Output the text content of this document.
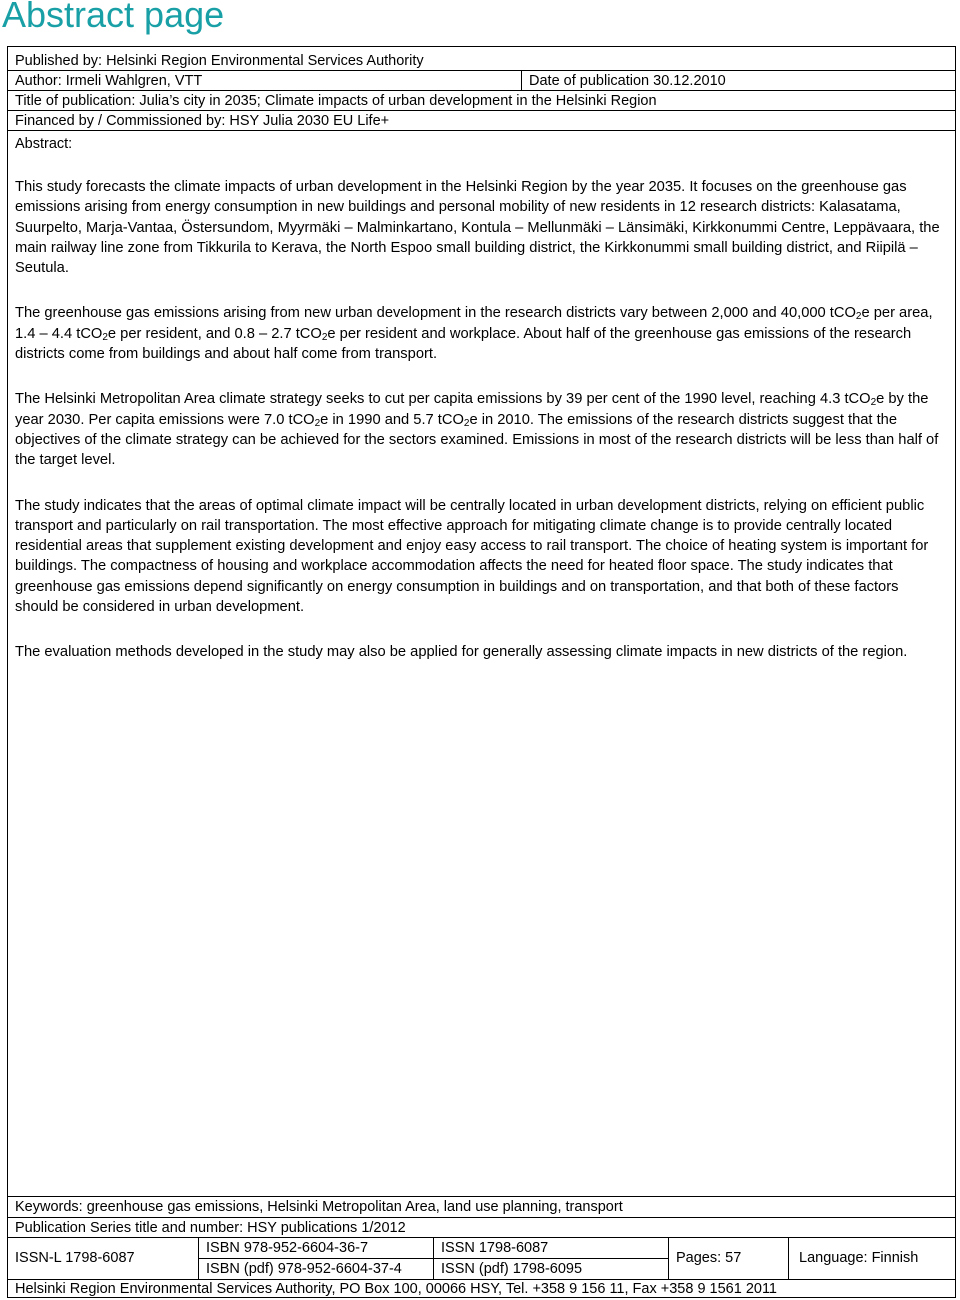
Abstract page
Published by: Helsinki Region Environmental Services Authority
Author: Irmeli Wahlgren, VTT	Date of publication 30.12.2010
Title of publication: Julia’s city in 2035; Climate impacts of urban development in the Helsinki Region
Financed by / Commissioned by: HSY Julia 2030 EU Life+
Abstract:

This study forecasts the climate impacts of urban development in the Helsinki Region by the year 2035. It focuses on the greenhouse gas emissions arising from energy consumption in new buildings and personal mobility of new residents in 12 research districts: Kalasatama, Suurpelto, Marja-Vantaa, Östersundom, Myyrmäki – Malminkartano, Kontula – Mellunmäki – Länsimäki, Kirkkonummi Centre, Leppävaara, the main railway line zone from Tikkurila to Kerava, the North Espoo small building district, the Kirkkonummi small building district, and Riipilä – Seutula.

The greenhouse gas emissions arising from new urban development in the research districts vary between 2,000 and 40,000 tCO$_2$e per area, 1.4 – 4.4 tCO$_2$e per resident, and 0.8 – 2.7 tCO$_2$e per resident and workplace. About half of the greenhouse gas emissions of the research districts come from buildings and about half come from transport.

The Helsinki Metropolitan Area climate strategy seeks to cut per capita emissions by 39 per cent of the 1990 level, reaching 4.3 tCO$_2$e by the year 2030. Per capita emissions were 7.0 tCO$_2$e in 1990 and 5.7 tCO$_2$e in 2010. The emissions of the research districts suggest that the objectives of the climate strategy can be achieved for the sectors examined. Emissions in most of the research districts will be less than half of the target level.

The study indicates that the areas of optimal climate impact will be centrally located in urban development districts, relying on efficient public transport and particularly on rail transportation. The most effective approach for mitigating climate change is to provide centrally located residential areas that supplement existing development and enjoy easy access to rail transport. The choice of heating system is important for buildings. The compactness of housing and workplace accommodation affects the need for heated floor space. The study indicates that greenhouse gas emissions depend significantly on energy consumption in buildings and on transportation, and that both of these factors should be considered in urban development.

The evaluation methods developed in the study may also be applied for generally assessing climate impacts in new districts of the region.

Keywords: greenhouse gas emissions, Helsinki Metropolitan Area, land use planning, transport
Publication Series title and number: HSY publications 1/2012
ISSN-L 1798-6087
ISBN 978-952-6604-36-7	ISSN 1798-6087
ISBN (pdf) 978-952-6604-37-4	ISSN (pdf) 1798-6095
Pages: 57	Language: Finnish
Helsinki Region Environmental Services Authority, PO Box 100, 00066 HSY, Tel. +358 9 156 11, Fax +358 9 1561 2011
